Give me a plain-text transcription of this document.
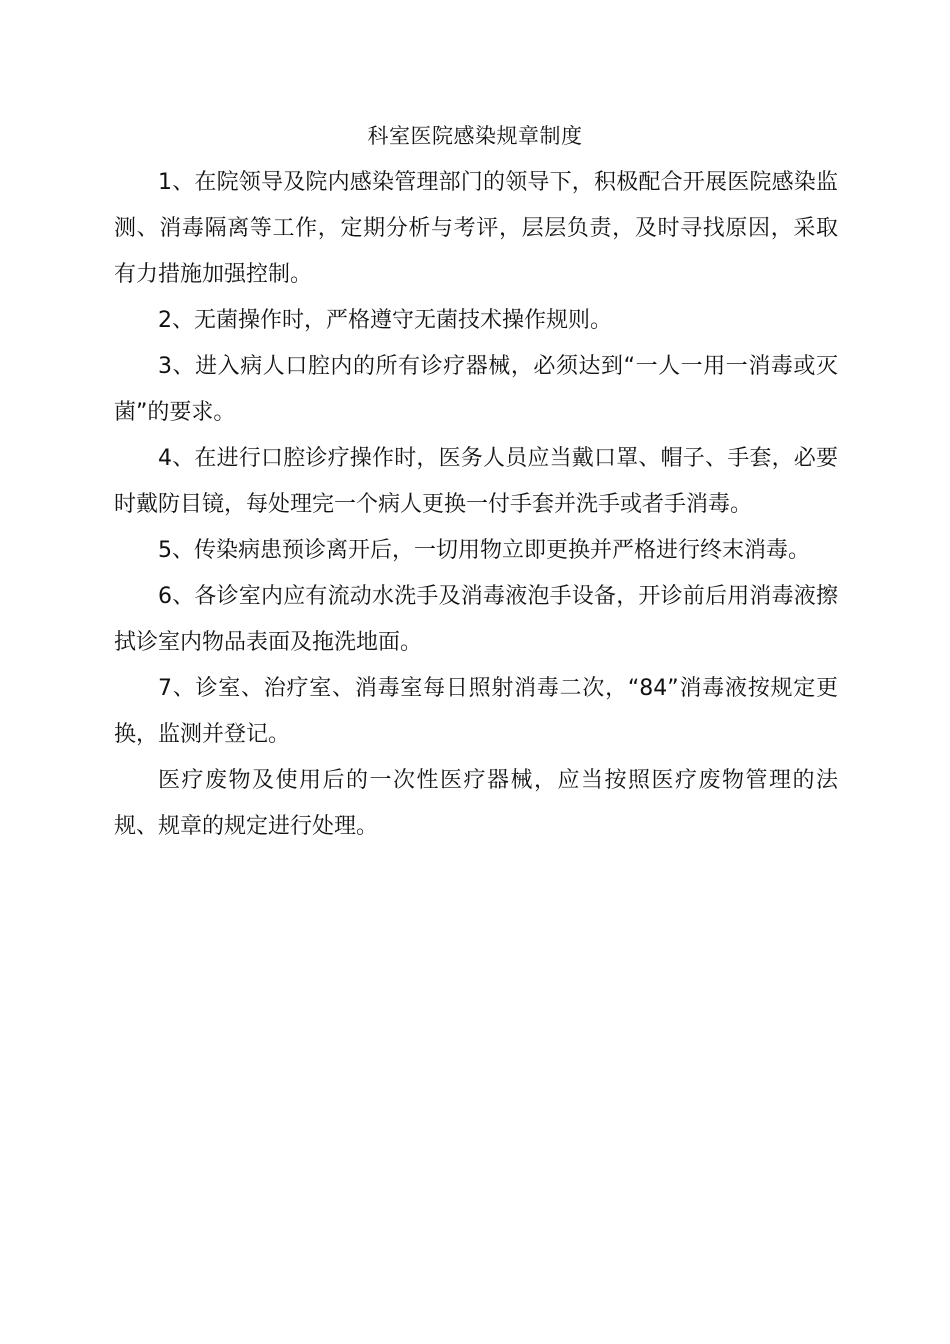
科室医院感染规章制度

1、在院领导及院内感染管理部门的领导下，积极配合开展医院感染监测、消毒隔离等工作，定期分析与考评，层层负责，及时寻找原因，采取有力措施加强控制。

2、无菌操作时，严格遵守无菌技术操作规则。

3、进入病人口腔内的所有诊疗器械，必须达到“一人一用一消毒或灭菌”的要求。

4、在进行口腔诊疗操作时，医务人员应当戴口罩、帽子、手套，必要时戴防目镜，每处理完一个病人更换一付手套并洗手或者手消毒。

5、传染病患预诊离开后，一切用物立即更换并严格进行终末消毒。

6、各诊室内应有流动水洗手及消毒液泡手设备，开诊前后用消毒液擦拭诊室内物品表面及拖洗地面。

7、诊室、治疗室、消毒室每日照射消毒二次，“84”消毒液按规定更换，监测并登记。

医疗废物及使用后的一次性医疗器械，应当按照医疗废物管理的法规、规章的规定进行处理。
